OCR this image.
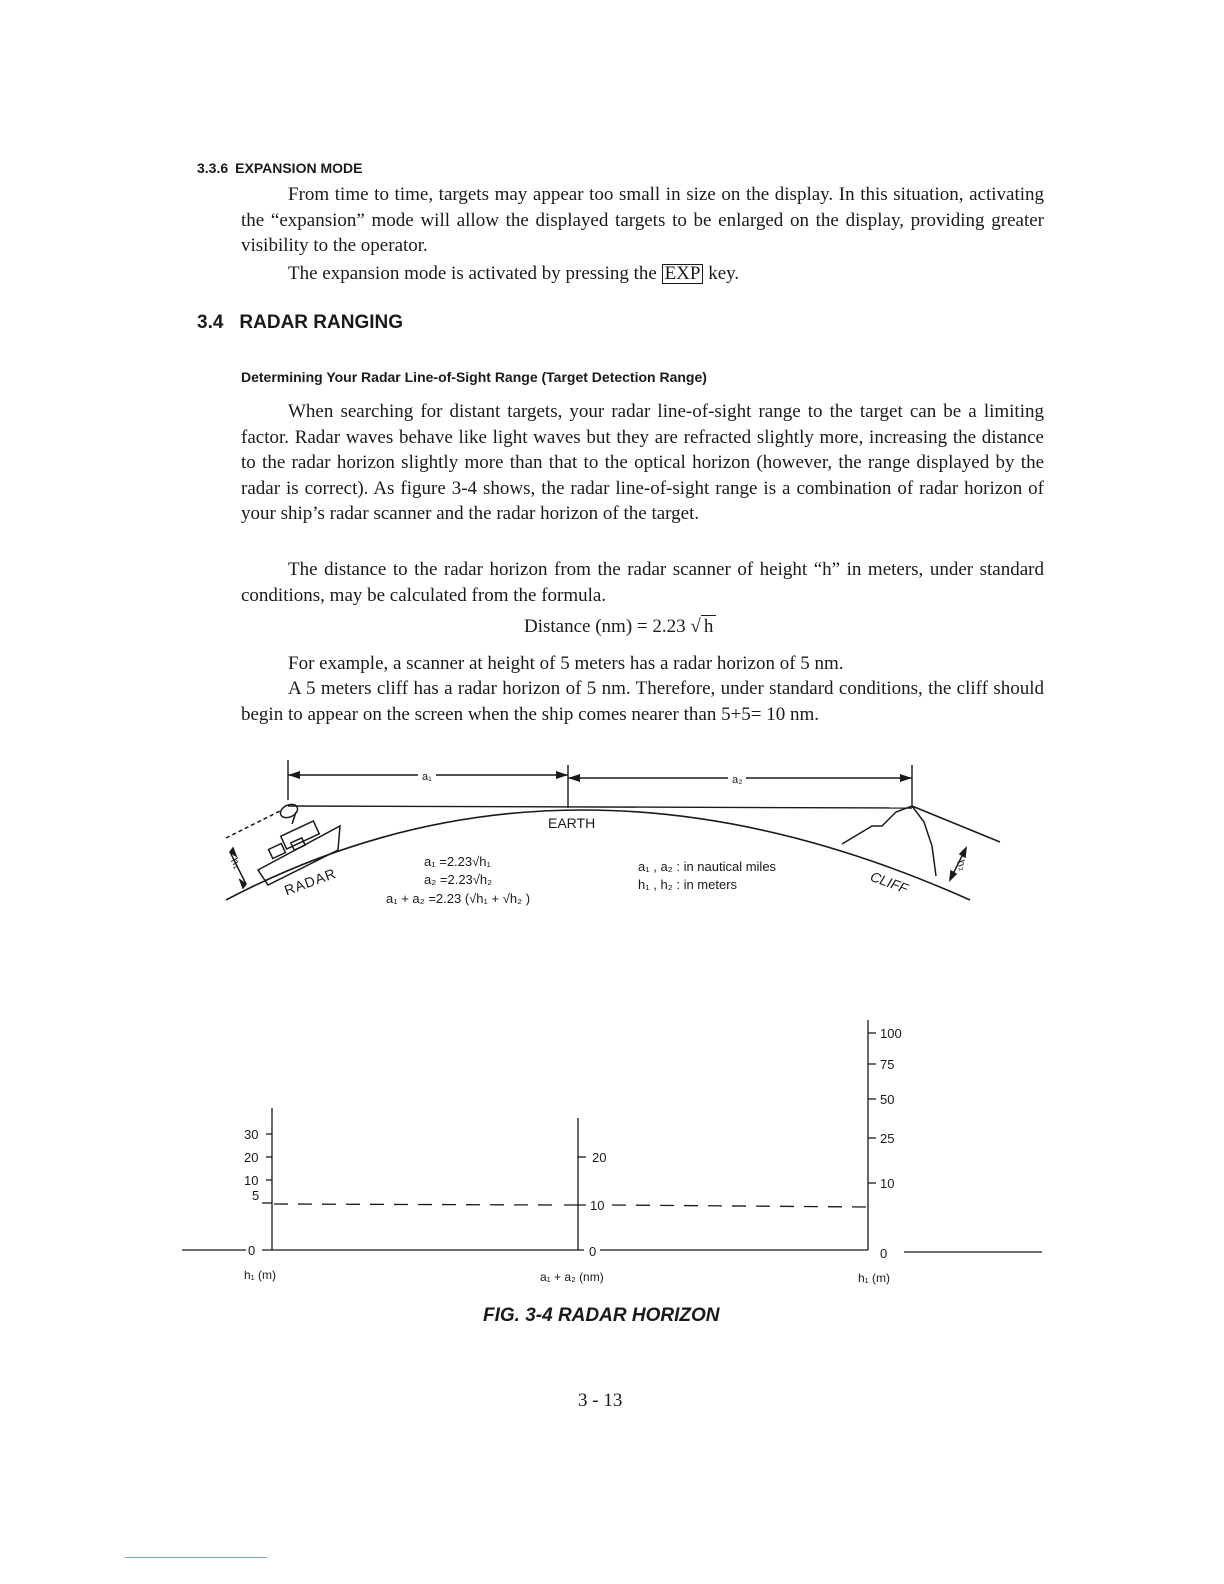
3.3.6 EXPANSION MODE

From time to time, targets may appear too small in size on the display. In this situation, activating the “expansion” mode will allow the displayed targets to be enlarged on the display, providing greater visibility to the operator.

The expansion mode is activated by pressing the EXP key.

3.4 RADAR RANGING
Determining Your Radar Line-of-Sight Range (Target Detection Range)

When searching for distant targets, your radar line-of-sight range to the target can be a limiting factor. Radar waves behave like light waves but they are refracted slightly more, increasing the distance to the radar horizon slightly more than that to the optical horizon (however, the range displayed by the radar is correct). As figure 3-4 shows, the radar line-of-sight range is a combination of radar horizon of your ship’s radar scanner and the radar horizon of the target.

The distance to the radar horizon from the radar scanner of height “h” in meters, under standard conditions, may be calculated from the formula.

Distance (nm) = 2.23 √ h

For example, a scanner at height of 5 meters has a radar horizon of 5 nm.

A 5 meters cliff has a radar horizon of 5 nm. Therefore, under standard conditions, the cliff should begin to appear on the screen when the ship comes nearer than 5+5= 10 nm.

a₁	a₂
EARTH
h₁
RADAR	h₂
CLIFF
a₁ =2.23√h₁
a₂ =2.23√h₂
a₁ + a₂ =2.23 (√h₁ + √h₂ )
a₁ , a₂ : in nautical miles
h₁ , h₂ : in meters
30
20
10
5
0
20
10
0
100
75
50
25
10
0
h₁ (m)	a₁ + a₂ (nm)	h₁ (m)
FIG. 3-4 RADAR HORIZON
3 - 13
